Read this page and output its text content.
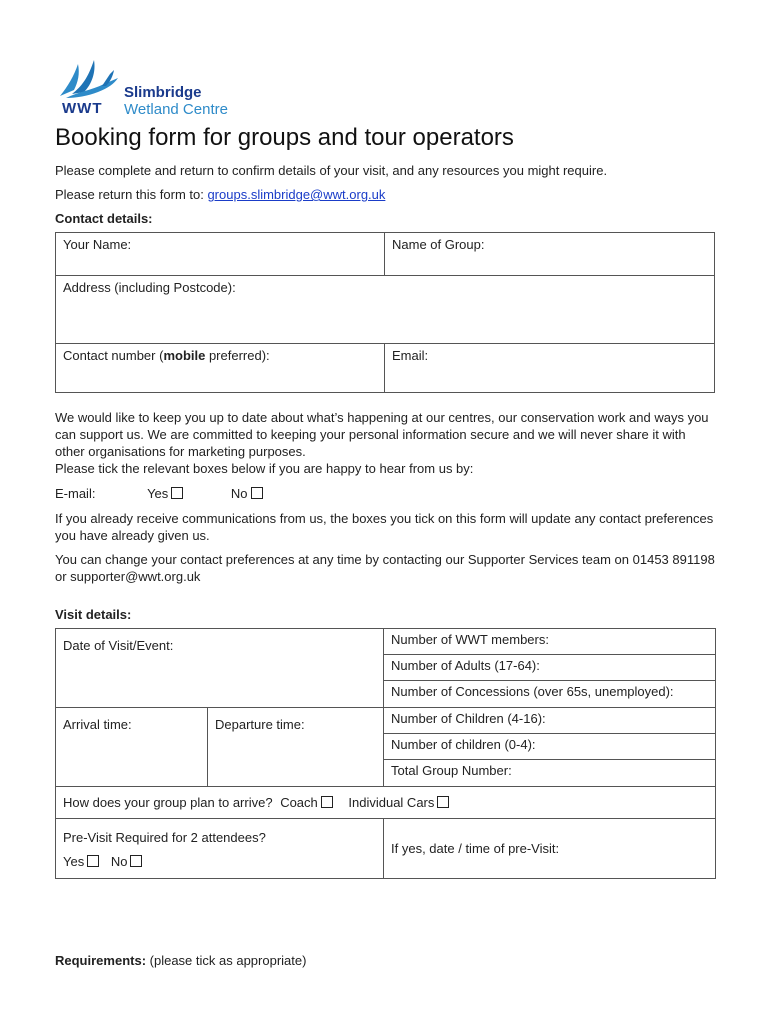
WWT
Slimbridge
Wetland Centre
Booking form for groups and tour operators

Please complete and return to confirm details of your visit, and any resources you might require.

Please return this form to: groups.slimbridge@wwt.org.uk

Contact details:

Your Name:	Name of Group:
Address (including Postcode):	
Contact number (mobile preferred):	Email:

We would like to keep you up to date about what’s happening at our centres, our conservation work and ways you can support us. We are committed to keeping your personal information secure and we will never share it with other organisations for marketing purposes.

Please tick the relevant boxes below if you are happy to hear from us by:

E-mail:	Yes	No

If you already receive communications from us, the boxes you tick on this form will update any contact preferences you have already given us.

You can change your contact preferences at any time by contacting our Supporter Services team on 01453 891198 or supporter@wwt.org.uk

Visit details:

Date of Visit/Event:		Number of WWT members:
Number of Adults (17-64):
Number of Concessions (over 65s, unemployed):

Arrival time:	Departure time:	Number of Children (4-16):
Number of children (0-4):
Total Group Number:

How does your group plan to arrive? Coach Individual Cars		

Pre-Visit Required for 2 attendees?
Yes No		If yes, date / time of pre-Visit:

Requirements: (please tick as appropriate)
